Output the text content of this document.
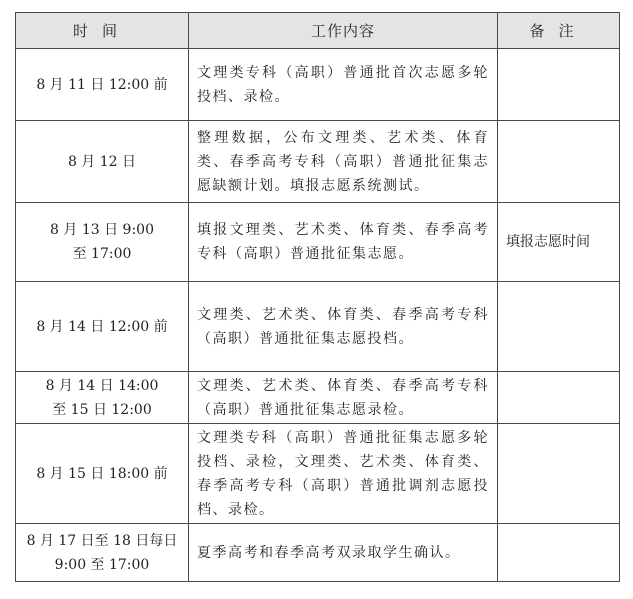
时间	工作内容	备注

8 月 11 日 12:00 前	文理类专科（高职）普通批首次志愿多轮投档、录检。	

8 月 12 日	整理数据，公布文理类、艺术类、体育类、春季高考专科（高职）普通批征集志愿缺额计划。填报志愿系统测试。	

8 月 13 日 9:00
至 17:00	填报文理类、艺术类、体育类、春季高考专科（高职）普通批征集志愿。	填报志愿时间

8 月 14 日 12:00 前	文理类、艺术类、体育类、春季高考专科（高职）普通批征集志愿投档。	

8 月 14 日 14:00
至 15 日 12:00	文理类、艺术类、体育类、春季高考专科（高职）普通批征集志愿录检。	

8 月 15 日 18:00 前	文理类专科（高职）普通批征集志愿多轮投档、录检，文理类、艺术类、体育类、春季高考专科（高职）普通批调剂志愿投档、录检。	

8 月 17 日至 18 日每日
9:00 至 17:00	夏季高考和春季高考双录取学生确认。	
